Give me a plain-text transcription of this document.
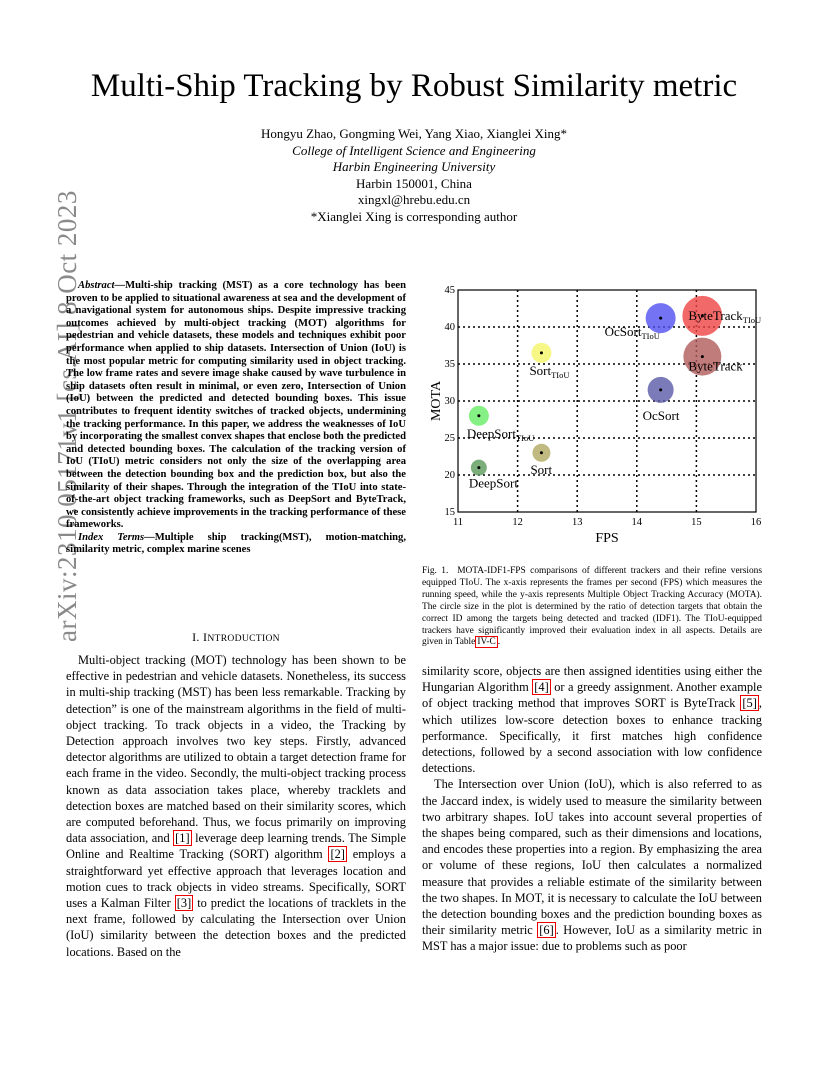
arXiv:2310.05171v1 [cs.AI] 8 Oct 2023
Multi-Ship Tracking by Robust Similarity metric
Hongyu Zhao, Gongming Wei, Yang Xiao, Xianglei Xing*
College of Intelligent Science and Engineering
Harbin Engineering University
Harbin 150001, China
xingxl@hrebu.edu.cn
*Xianglei Xing is corresponding author

Abstract—Multi-ship tracking (MST) as a core technology has been proven to be applied to situational awareness at sea and the development of a navigational system for autonomous ships. Despite impressive tracking outcomes achieved by multi-object tracking (MOT) algorithms for pedestrian and vehicle datasets, these models and techniques exhibit poor performance when applied to ship datasets. Intersection of Union (IoU) is the most popular metric for computing similarity used in object tracking. The low frame rates and severe image shake caused by wave turbulence in ship datasets often result in minimal, or even zero, Intersection of Union (IoU) between the predicted and detected bounding boxes. This issue contributes to frequent identity switches of tracked objects, undermining the tracking performance. In this paper, we address the weaknesses of IoU by incorporating the smallest convex shapes that enclose both the predicted and detected bounding boxes. The calculation of the tracking version of IoU (TIoU) metric considers not only the size of the overlapping area between the detection bounding box and the prediction box, but also the similarity of their shapes. Through the integration of the TIoU into state-of-the-art object tracking frameworks, such as DeepSort and ByteTrack, we consistently achieve improvements in the tracking performance of these frameworks.

Index Terms—Multiple ship tracking(MST), motion-matching, similarity metric, complex marine scenes

I. INTRODUCTION

Multi-object tracking (MOT) technology has been shown to be effective in pedestrian and vehicle datasets. Nonetheless, its success in multi-ship tracking (MST) has been less remarkable. Tracking by detection” is one of the mainstream algorithms in the field of multi-object tracking. To track objects in a video, the Tracking by Detection approach involves two key steps. Firstly, advanced detector algorithms are utilized to obtain a target detection frame for each frame in the video. Secondly, the multi-object tracking process known as data association takes place, whereby tracklets and detection boxes are matched based on their similarity scores, which are computed beforehand. Thus, we focus primarily on improving data association, and [1] leverage deep learning trends. The Simple Online and Realtime Tracking (SORT) algorithm [2] employs a straightforward yet effective approach that leverages location and motion cues to track objects in video streams. Specifically, SORT uses a Kalman Filter [3] to predict the locations of tracklets in the next frame, followed by calculating the Intersection over Union (IoU) similarity between the detection boxes and the predicted locations. Based on the

11	12	13	14	15	16
15
20
25
30
35
40
45
FPS
MOTA
DeepSort
DeepSort$_{TIoU}$
Sort
Sort$_{TIoU}$
OcSort
OcSort$_{TIoU}$
ByteTrack
ByteTrack$_{TIoU}$
Fig. 1. MOTA-IDF1-FPS comparisons of different trackers and their refine versions equipped TIoU. The x-axis represents the frames per second (FPS) which measures the running speed, while the y-axis represents Multiple Object Tracking Accuracy (MOTA). The circle size in the plot is determined by the ratio of detection targets that obtain the correct ID among the targets being detected and tracked (IDF1). The TIoU-equipped trackers have significantly improved their evaluation index in all aspects. Details are given in Table IV-C .

similarity score, objects are then assigned identities using either the Hungarian Algorithm [4] or a greedy assignment. Another example of object tracking method that improves SORT is ByteTrack [5] , which utilizes low-score detection boxes to enhance tracking performance. Specifically, it first matches high confidence detections, followed by a second association with low confidence detections.

The Intersection over Union (IoU), which is also referred to as the Jaccard index, is widely used to measure the similarity between two arbitrary shapes. IoU takes into account several properties of the shapes being compared, such as their dimensions and locations, and encodes these properties into a region. By emphasizing the area or volume of these regions, IoU then calculates a normalized measure that provides a reliable estimate of the similarity between the two shapes. In MOT, it is necessary to calculate the IoU between the detection bounding boxes and the prediction bounding boxes as their similarity metric [6] . However, IoU as a similarity metric in MST has a major issue: due to problems such as poor
